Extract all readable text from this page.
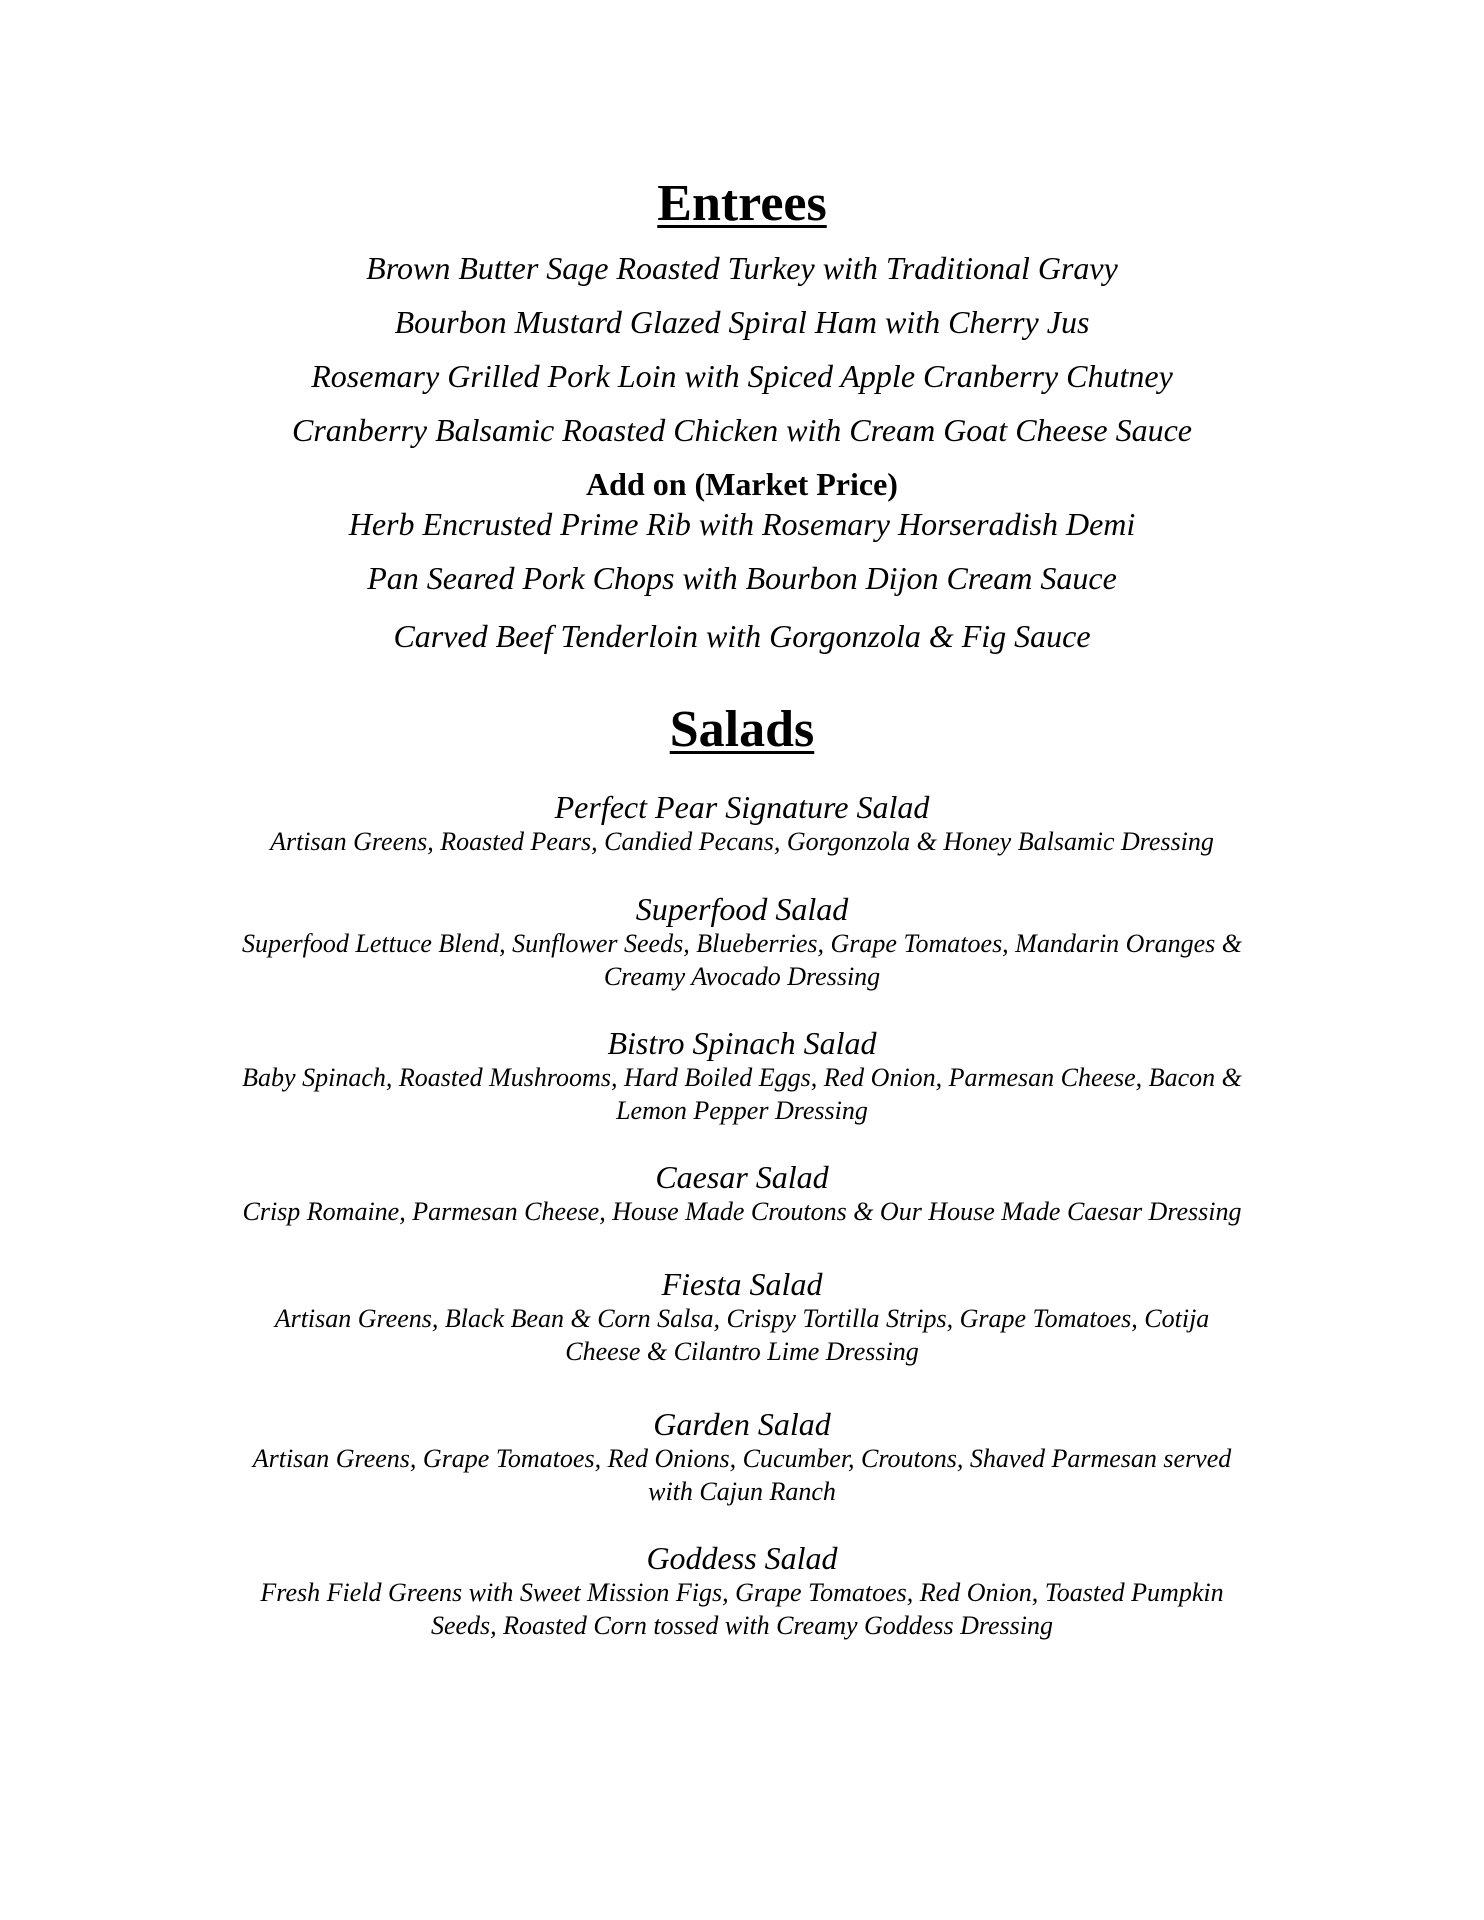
Entrees

Brown Butter Sage Roasted Turkey with Traditional Gravy

Bourbon Mustard Glazed Spiral Ham with Cherry Jus

Rosemary Grilled Pork Loin with Spiced Apple Cranberry Chutney

Cranberry Balsamic Roasted Chicken with Cream Goat Cheese Sauce

Add on (Market Price)

Herb Encrusted Prime Rib with Rosemary Horseradish Demi

Pan Seared Pork Chops with Bourbon Dijon Cream Sauce

Carved Beef Tenderloin with Gorgonzola & Fig Sauce

Salads

Perfect Pear Signature Salad

Artisan Greens, Roasted Pears, Candied Pecans, Gorgonzola & Honey Balsamic Dressing

Superfood Salad

Superfood Lettuce Blend, Sunflower Seeds, Blueberries, Grape Tomatoes, Mandarin Oranges &

Creamy Avocado Dressing

Bistro Spinach Salad

Baby Spinach, Roasted Mushrooms, Hard Boiled Eggs, Red Onion, Parmesan Cheese, Bacon &

Lemon Pepper Dressing

Caesar Salad

Crisp Romaine, Parmesan Cheese, House Made Croutons & Our House Made Caesar Dressing

Fiesta Salad

Artisan Greens, Black Bean & Corn Salsa, Crispy Tortilla Strips, Grape Tomatoes, Cotija

Cheese & Cilantro Lime Dressing

Garden Salad

Artisan Greens, Grape Tomatoes, Red Onions, Cucumber, Croutons, Shaved Parmesan served

with Cajun Ranch

Goddess Salad

Fresh Field Greens with Sweet Mission Figs, Grape Tomatoes, Red Onion, Toasted Pumpkin

Seeds, Roasted Corn tossed with Creamy Goddess Dressing
